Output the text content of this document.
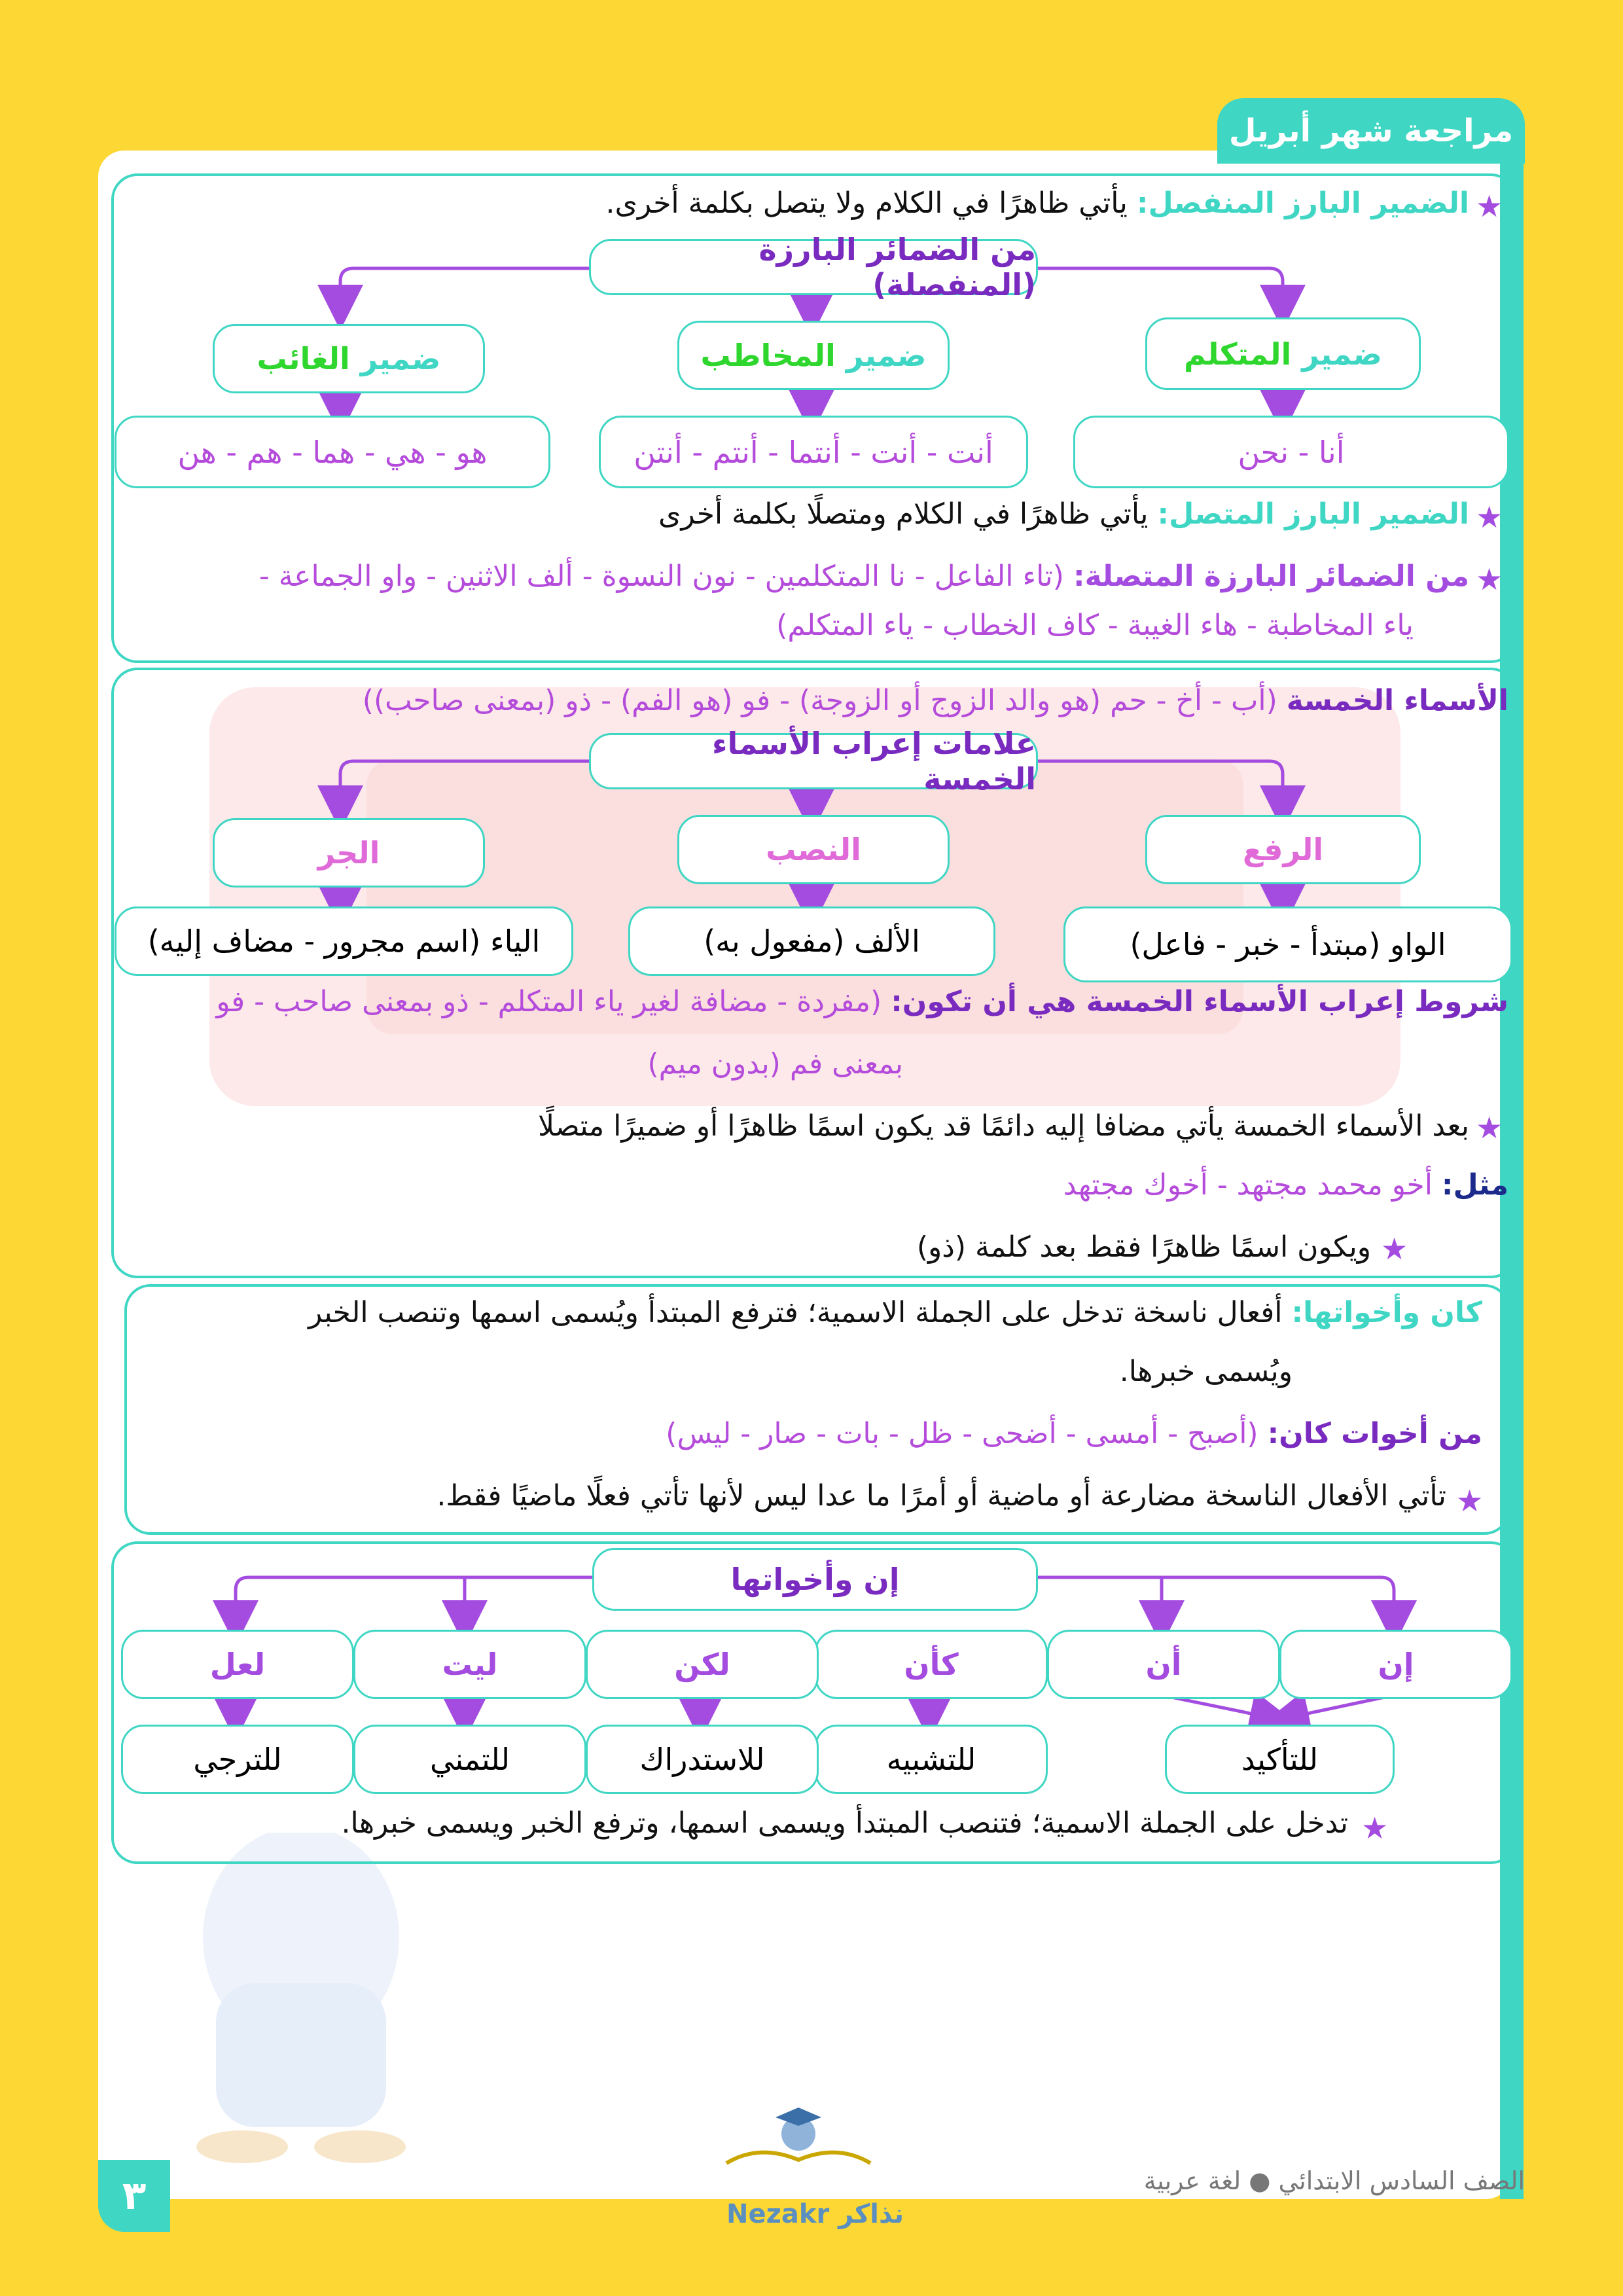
مراجعة شهر أبريل
★
الضمير البارز المنفصل: يأتي ظاهرًا في الكلام ولا يتصل بكلمة أخرى.
من الضمائر البارزة (المنفصلة)
ضمير الغائب	ضمير المخاطب	ضمير المتكلم
هو - هي - هما - هم - هن	أنت - أنت - أنتما - أنتم - أنتن	أنا - نحن
★
الضمير البارز المتصل: يأتي ظاهرًا في الكلام ومتصلًا بكلمة أخرى
★
من الضمائر البارزة المتصلة: (تاء الفاعل - نا المتكلمين - نون النسوة - ألف الاثنين - واو الجماعة -
ياء المخاطبة - هاء الغيبة - كاف الخطاب - ياء المتكلم)
الأسماء الخمسة (أب - أخ - حم (هو والد الزوج أو الزوجة) - فو (هو الفم) - ذو (بمعنى صاحب))
علامات إعراب الأسماء الخمسة
الجر	النصب	الرفع
الياء (اسم مجرور - مضاف إليه)	الألف (مفعول به)	الواو (مبتدأ - خبر - فاعل)
شروط إعراب الأسماء الخمسة هي أن تكون: (مفردة - مضافة لغير ياء المتكلم - ذو بمعنى صاحب - فو
بمعنى فم (بدون ميم)
★
بعد الأسماء الخمسة يأتي مضافا إليه دائمًا قد يكون اسمًا ظاهرًا أو ضميرًا متصلًا
مثل: أخو محمد مجتهد - أخوك مجتهد
★
ويكون اسمًا ظاهرًا فقط بعد كلمة (ذو)
كان وأخواتها: أفعال ناسخة تدخل على الجملة الاسمية؛ فترفع المبتدأ ويُسمى اسمها وتنصب الخبر
ويُسمى خبرها.
من أخوات كان: (أصبح - أمسى - أضحى - ظل - بات - صار - ليس)
★
تأتي الأفعال الناسخة مضارعة أو ماضية أو أمرًا ما عدا ليس لأنها تأتي فعلًا ماضيًا فقط.
إن وأخواتها
إن
أن
كأن
لكن
ليت
لعل
للتأكيد
للتشبيه
للاستدراك
للتمني
للترجي
★
تدخل على الجملة الاسمية؛ فتنصب المبتدأ ويسمى اسمها، وترفع الخبر ويسمى خبرها.
الصف السادس الابتدائي ● لغة عربية
Nezakr نذاكر
٣
